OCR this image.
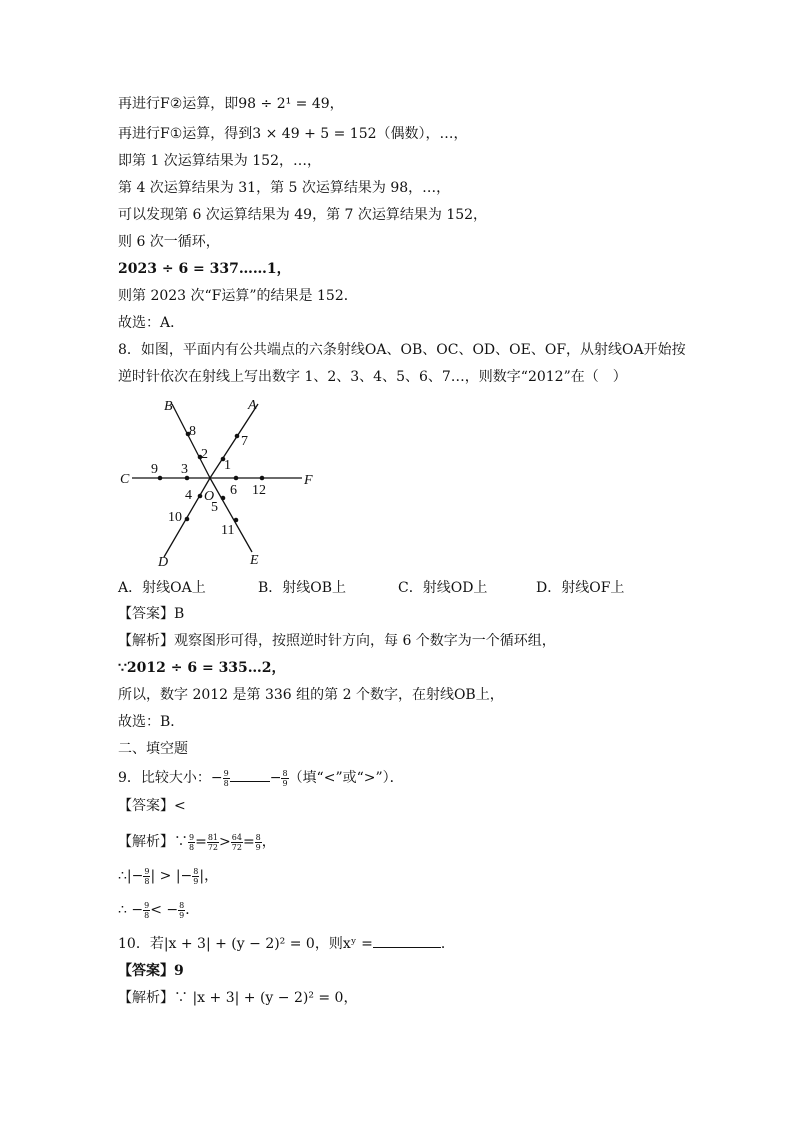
再进行F②运算，即98 ÷ 2¹ = 49，
再进行F①运算，得到3 × 49 + 5 = 152（偶数），…，
即第 1 次运算结果为 152，…，
第 4 次运算结果为 31，第 5 次运算结果为 98，…，
可以发现第 6 次运算结果为 49，第 7 次运算结果为 152，
则 6 次一循环，
2023 ÷ 6 = 337……1，
则第 2023 次“F运算”的结果是 152．
故选：A．
8．如图，平面内有公共端点的六条射线OA、OB、OC、OD、OE、OF，从射线OA开始按
逆时针依次在射线上写出数字 1、2、3、4、5、6、7…，则数字“2012”在（　）
A
B
C
D	E
F
O
1
2
3
4
5
6
7
8
9
10
11
12
A．射线OA上	B．射线OB上	C．射线OD上	D．射线OF上
【答案】B
【解析】观察图形可得，按照逆时针方向，每 6 个数字为一个循环组，
∵2012 ÷ 6 = 335…2，
所以，数字 2012 是第 336 组的第 2 个数字，在射线OB上，
故选：B．
二、填空题
9．比较大小：− $\frac{9}{8}$	− $\frac{8}{9}$ （填“<”或“>”）．
【答案】<
【解析】∵ $\frac{9}{8} = \frac{81}{72} > \frac{64}{72} = \frac{8}{9}$ ，
∴|− $\frac{9}{8}$ | > |− $\frac{8}{9}$ |，
∴ − $\frac{9}{8}$ < − $\frac{8}{9}$ ．
10．若|x + 3| + (y − 2)² = 0，则xʸ =	．
【答案】9
【解析】∵ |x + 3| + (y − 2)² = 0，
